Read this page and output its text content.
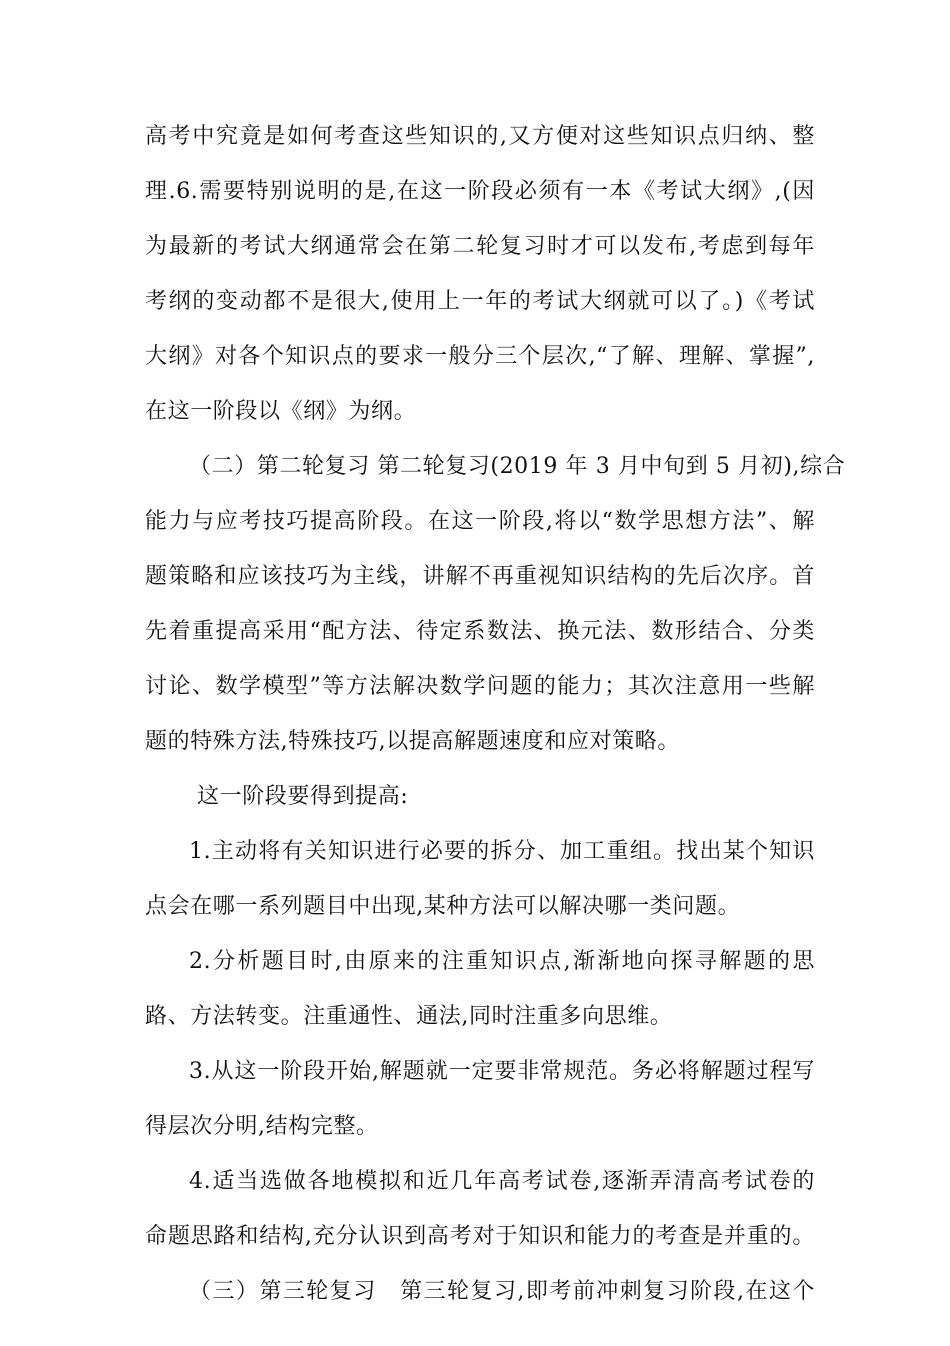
高考中究竟是如何考查这些知识的,又方便对这些知识点归纳、整
理.6.需要特别说明的是,在这一阶段必须有一本《考试大纲》,(因
为最新的考试大纲通常会在第二轮复习时才可以发布,考虑到每年
考纲的变动都不是很大,使用上一年的考试大纲就可以了。)《考试
大纲》对各个知识点的要求一般分三个层次,“了解、理解、掌握”,
在这一阶段以《纲》为纲。
（二）第二轮复习 第二轮复习(2019 年 3 月中旬到 5 月初),综合
能力与应考技巧提高阶段。在这一阶段,将以“数学思想方法”、解
题策略和应该技巧为主线，讲解不再重视知识结构的先后次序。首
先着重提高采用“配方法、待定系数法、换元法、数形结合、分类
讨论、数学模型”等方法解决数学问题的能力；其次注意用一些解
题的特殊方法,特殊技巧,以提高解题速度和应对策略。
这一阶段要得到提高:
1.主动将有关知识进行必要的拆分、加工重组。找出某个知识
点会在哪一系列题目中出现,某种方法可以解决哪一类问题。
2.分析题目时,由原来的注重知识点,渐渐地向探寻解题的思
路、方法转变。注重通性、通法,同时注重多向思维。
3.从这一阶段开始,解题就一定要非常规范。务必将解题过程写
得层次分明,结构完整。
4.适当选做各地模拟和近几年高考试卷,逐渐弄清高考试卷的
命题思路和结构,充分认识到高考对于知识和能力的考查是并重的。
（三）第三轮复习　第三轮复习,即考前冲刺复习阶段,在这个
